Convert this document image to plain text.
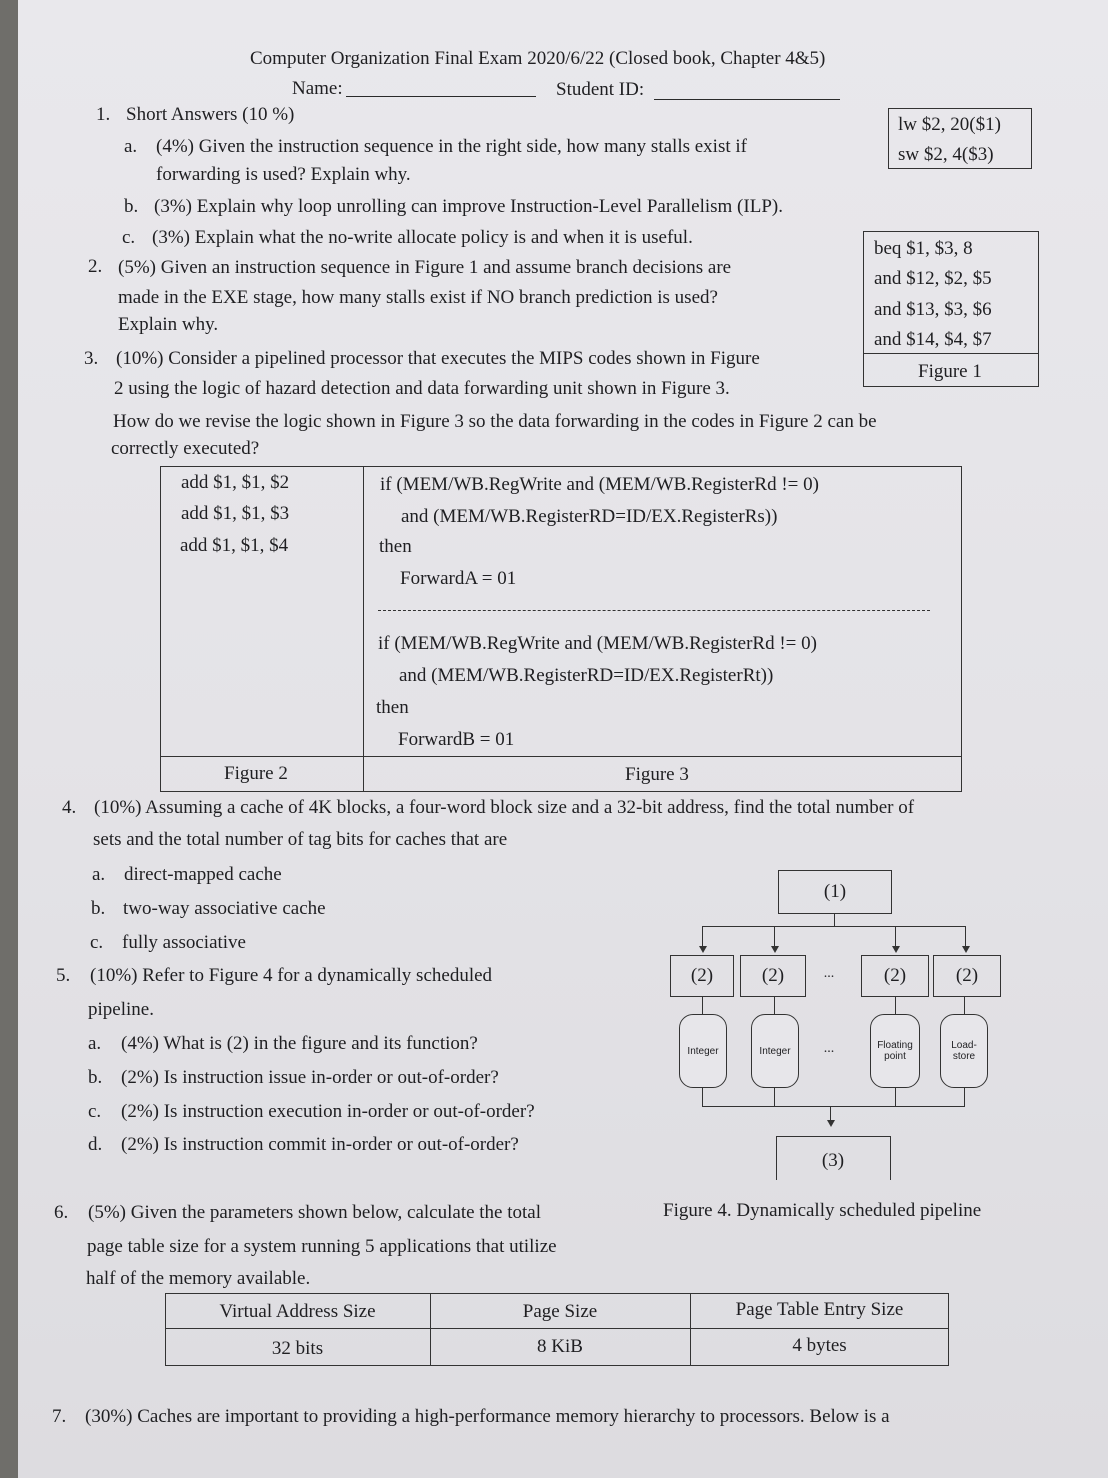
Computer Organization Final Exam 2020/6/22 (Closed book, Chapter 4&5)
Name:	Student ID:
1. Short Answers (10 %)
a. (4%) Given the instruction sequence in the right side, how many stalls exist if
forwarding is used? Explain why.
b. (3%) Explain why loop unrolling can improve Instruction-Level Parallelism (ILP).
c. (3%) Explain what the no-write allocate policy is and when it is useful.
lw $2, 20($1)
sw $2, 4($3)
2. (5%) Given an instruction sequence in Figure 1 and assume branch decisions are
made in the EXE stage, how many stalls exist if NO branch prediction is used?
Explain why.
beq $1, $3, 8
and $12, $2, $5
and $13, $3, $6
and $14, $4, $7
Figure 1
3. (10%) Consider a pipelined processor that executes the MIPS codes shown in Figure
2 using the logic of hazard detection and data forwarding unit shown in Figure 3.
How do we revise the logic shown in Figure 3 so the data forwarding in the codes in Figure 2 can be
correctly executed?
add $1, $1, $2
add $1, $1, $3
add $1, $1, $4
if (MEM/WB.RegWrite and (MEM/WB.RegisterRd != 0)
and (MEM/WB.RegisterRD=ID/EX.RegisterRs))
then
ForwardA = 01
if (MEM/WB.RegWrite and (MEM/WB.RegisterRd != 0)
and (MEM/WB.RegisterRD=ID/EX.RegisterRt))
then
ForwardB = 01
Figure 2	Figure 3
4. (10%) Assuming a cache of 4K blocks, a four-word block size and a 32-bit address, find the total number of
sets and the total number of tag bits for caches that are
a. direct-mapped cache
b. two-way associative cache
c. fully associative
5. (10%) Refer to Figure 4 for a dynamically scheduled
pipeline.
a. (4%) What is (2) in the figure and its function?
b. (2%) Is instruction issue in-order or out-of-order?
c. (2%) Is instruction execution in-order or out-of-order?
d. (2%) Is instruction commit in-order or out-of-order?
(1)
(2)	(2)	...	(2)	(2)
Integer	Integer	...	Floating
point
Load-
store
(3)
Figure 4. Dynamically scheduled pipeline
6. (5%) Given the parameters shown below, calculate the total
page table size for a system running 5 applications that utilize
half of the memory available.
Virtual Address Size	Page Size	Page Table Entry Size
32 bits	8 KiB	4 bytes
7. (30%) Caches are important to providing a high-performance memory hierarchy to processors. Below is a
